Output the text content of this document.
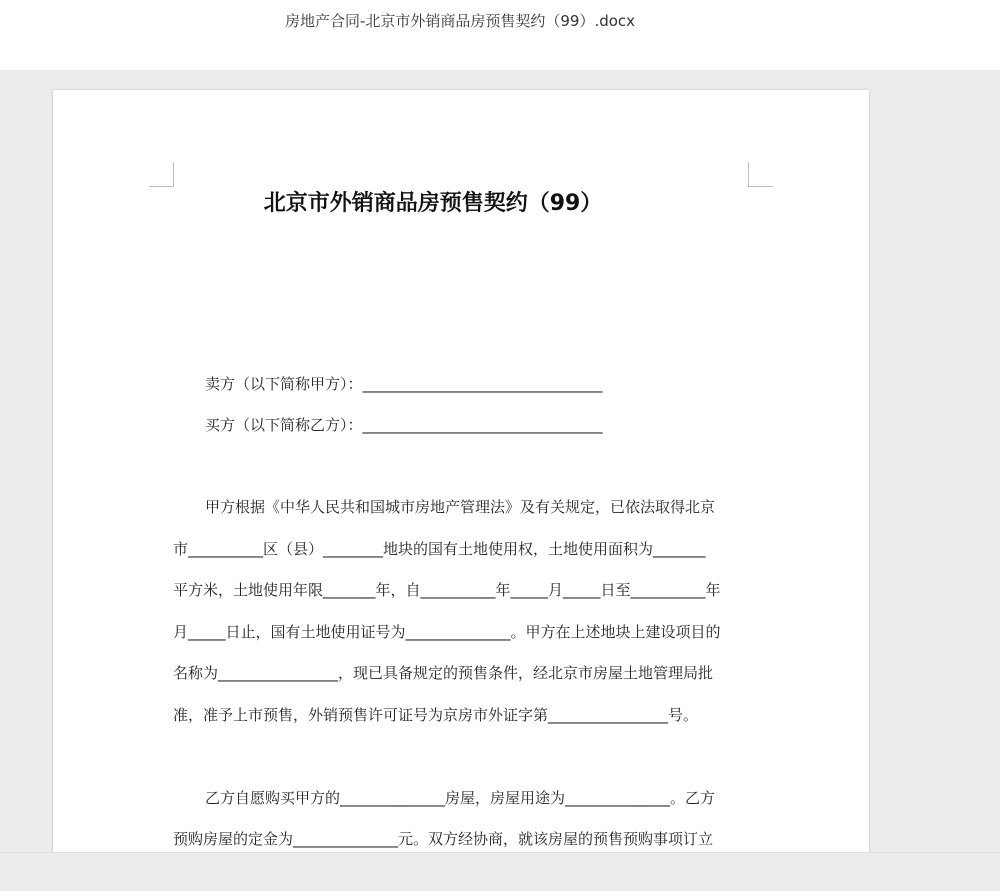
房地产合同-北京市外销商品房预售契约（99）.docx
北京市外销商品房预售契约（99）
卖方（以下简称甲方）：________________________________
买方（以下简称乙方）：________________________________
甲方根据《中华人民共和国城市房地产管理法》及有关规定，已依法取得北京
市__________区（县）________地块的国有土地使用权，土地使用面积为_______
平方米，土地使用年限_______年，自__________年_____月_____日至__________年
月_____日止，国有土地使用证号为______________。甲方在上述地块上建设项目的
名称为________________，现已具备规定的预售条件，经北京市房屋土地管理局批
准，准予上市预售，外销预售许可证号为京房市外证字第________________号。
乙方自愿购买甲方的______________房屋，房屋用途为______________。乙方
预购房屋的定金为______________元。双方经协商，就该房屋的预售预购事项订立
